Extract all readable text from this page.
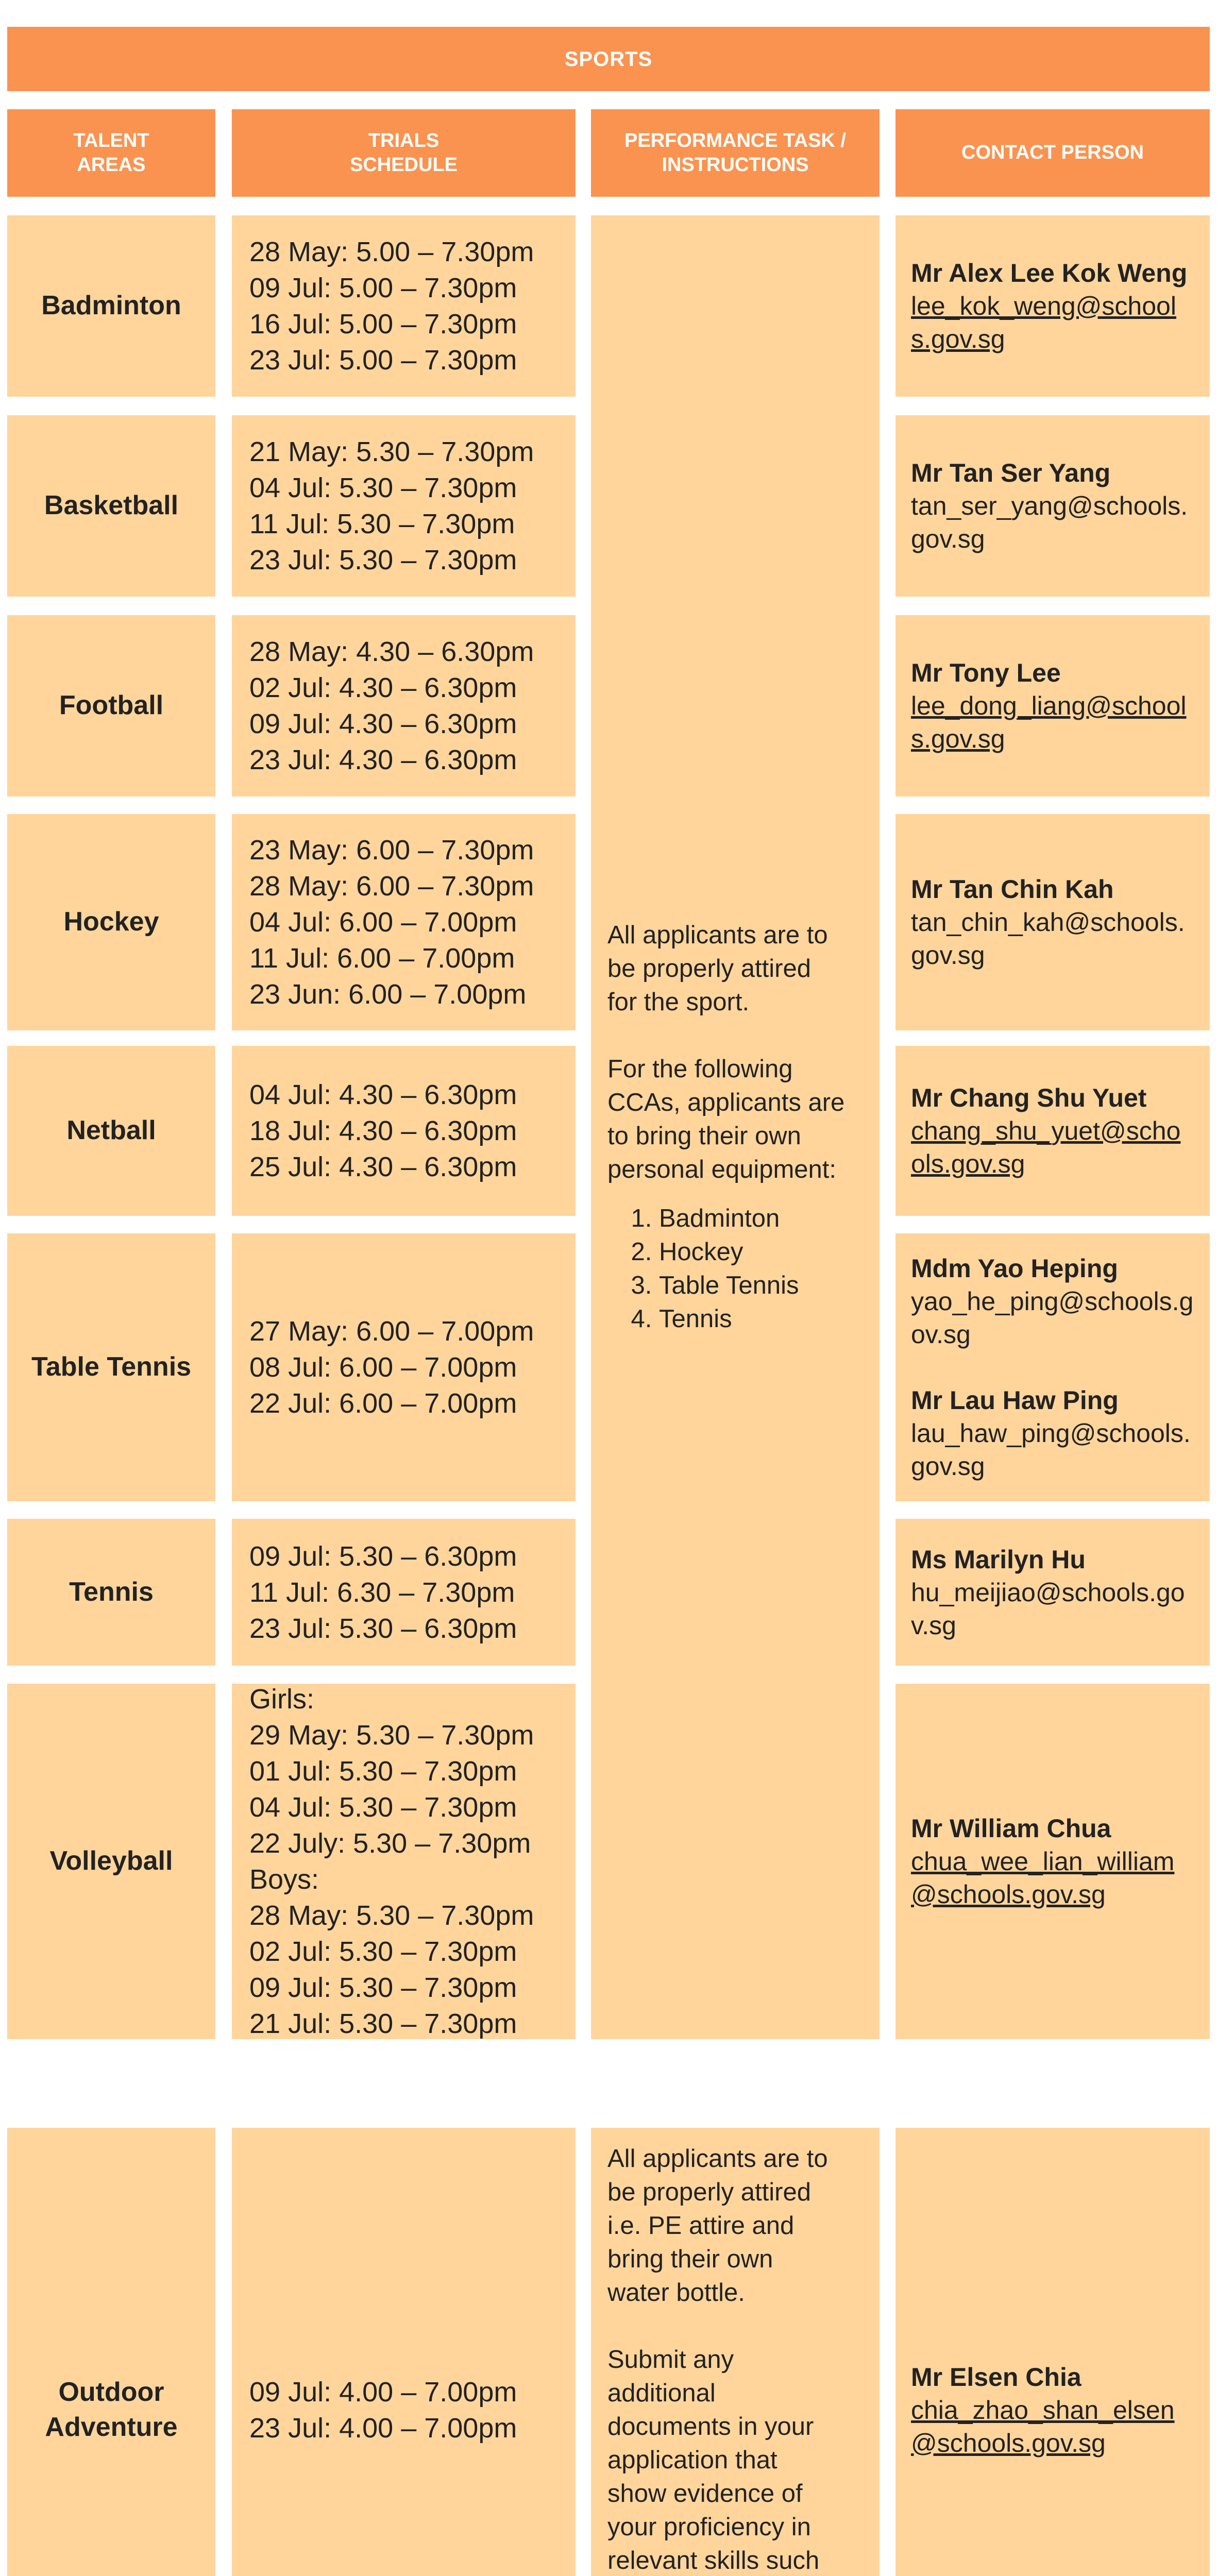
SPORTS
TALENT
AREAS
TRIALS
SCHEDULE
PERFORMANCE TASK /
INSTRUCTIONS
CONTACT PERSON
Badminton
28 May: 5.00 – 7.30pm
09 Jul: 5.00 – 7.30pm
16 Jul: 5.00 – 7.30pm
23 Jul: 5.00 – 7.30pm
Mr Alex Lee Kok Weng
lee_kok_weng@schools.gov.sg
Basketball
21 May: 5.30 – 7.30pm
04 Jul: 5.30 – 7.30pm
11 Jul: 5.30 – 7.30pm
23 Jul: 5.30 – 7.30pm
Mr Tan Ser Yang
tan_ser_yang@schools.gov.sg
Football
28 May: 4.30 – 6.30pm
02 Jul: 4.30 – 6.30pm
09 Jul: 4.30 – 6.30pm
23 Jul: 4.30 – 6.30pm
Mr Tony Lee
lee_dong_liang@schools.gov.sg
Hockey
23 May: 6.00 – 7.30pm
28 May: 6.00 – 7.30pm
04 Jul: 6.00 – 7.00pm
11 Jul: 6.00 – 7.00pm
23 Jun: 6.00 – 7.00pm
Mr Tan Chin Kah
tan_chin_kah@schools.gov.sg
Netball
04 Jul: 4.30 – 6.30pm
18 Jul: 4.30 – 6.30pm
25 Jul: 4.30 – 6.30pm
Mr Chang Shu Yuet
chang_shu_yuet@schools.gov.sg
Table Tennis
27 May: 6.00 – 7.00pm
08 Jul: 6.00 – 7.00pm
22 Jul: 6.00 – 7.00pm
Mdm Yao Heping
yao_he_ping@schools.gov.sg
Mr Lau Haw Ping
lau_haw_ping@schools.gov.sg
Tennis
09 Jul: 5.30 – 6.30pm
11 Jul: 6.30 – 7.30pm
23 Jul: 5.30 – 6.30pm
Ms Marilyn Hu
hu_meijiao@schools.gov.sg
Volleyball
Girls:
29 May: 5.30 – 7.30pm
01 Jul: 5.30 – 7.30pm
04 Jul: 5.30 – 7.30pm
22 July: 5.30 – 7.30pm
Boys:
28 May: 5.30 – 7.30pm
02 Jul: 5.30 – 7.30pm
09 Jul: 5.30 – 7.30pm
21 Jul: 5.30 – 7.30pm
Mr William Chua
chua_wee_lian_william@schools.gov.sg
Outdoor
Adventure
09 Jul: 4.00 – 7.00pm
23 Jul: 4.00 – 7.00pm
Mr Elsen Chia
chia_zhao_shan_elsen@schools.gov.sg
All applicants are to
be properly attired
for the sport.
For the following
CCAs, applicants are
to bring their own
personal equipment:
1. Badminton
2. Hockey
3. Table Tennis
4. Tennis
All applicants are to
be properly attired
i.e. PE attire and
bring their own
water bottle.

Submit any
additional
documents in your
application that
show evidence of
your proficiency in
relevant skills such
